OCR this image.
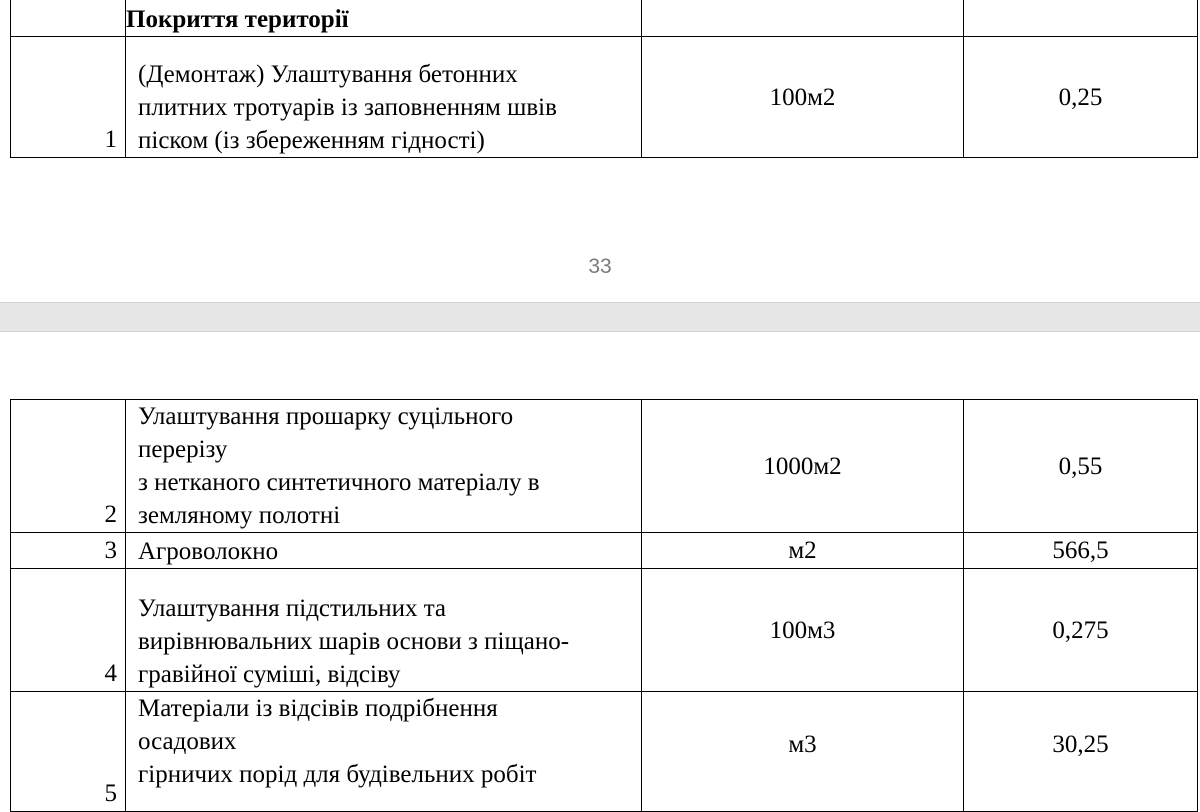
	Покриття території		
1	(Демонтаж) Улаштування бетонних
плитних тротуарів із заповненням швів
піском (із збереженням гідності)	100м2	0,25
33
2	Улаштування прошарку суцільного
перерізу
з нетканого синтетичного матеріалу в
земляному полотні	1000м2	0,55
3	Агроволокно	м2	566,5
4	Улаштування підстильних та
вирівнювальних шарів основи з піщано-
гравійної суміші, відсіву	100м3	0,275
5	Матеріали із відсівів подрібнення
осадових
гірничих порід для будівельних робіт	м3	30,25
